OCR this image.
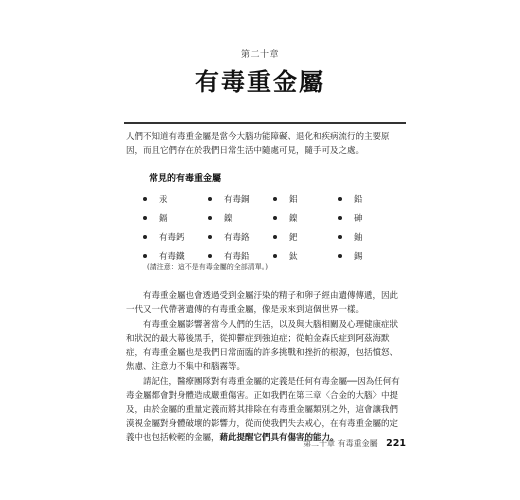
第二十章
有毒重金屬

人們不知道有毒重金屬是當今大腦功能障礙、退化和疾病流行的主要原因，而且它們存在於我們日常生活中隨處可見，隨手可及之處。

常見的有毒重金屬
汞	有毒銅	鋁	鉛
鎘	鎳	鎳	砷
有毒鈣	有毒鉻	鈀	鈾
有毒鐵	有毒鉛	鈦	錫
(請注意：這不是有毒金屬的全部清單。)

有毒重金屬也會透過受到金屬汙染的精子和卵子經由遺傳傳遞，因此一代又一代帶著遺傳的有毒重金屬，像是汞來到這個世界一樣。

有毒重金屬影響著當今人們的生活，以及與大腦相關及心理健康症狀和狀況的最大幕後黑手，從抑鬱症到強迫症；從帕金森氏症到阿茲海默症，有毒重金屬也是我們日常面臨的許多挑戰和挫折的根源，包括憤怒、焦慮、注意力不集中和腦霧等。

請記住，醫療團隊對有毒重金屬的定義是任何有毒金屬──因為任何有毒金屬都會對身體造成嚴重傷害。正如我們在第三章〈合金的大腦〉中提及，由於金屬的重量定義而將其排除在有毒重金屬類別之外，這會讓我們漠視金屬對身體破壞的影響力，從而使我們失去戒心，在有毒重金屬的定義中也包括較輕的金屬，藉此提醒它們具有傷害的能力。

第二十章 有毒重金屬 221
